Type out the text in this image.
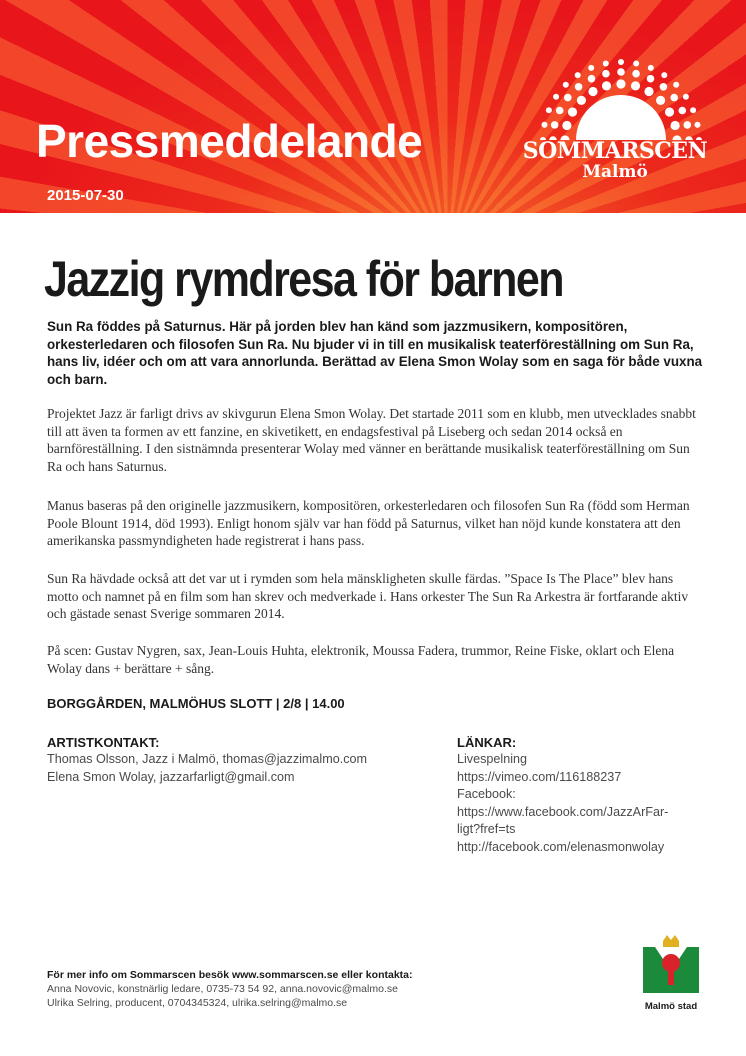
Pressmeddelande
2015-07-30
SOMMARSCEN
Malmö
Jazzig rymdresa för barnen

Sun Ra föddes på Saturnus. Här på jorden blev han känd som jazzmusikern, kompositören, orkesterledaren och filosofen Sun Ra. Nu bjuder vi in till en musikalisk teaterföreställning om Sun Ra, hans liv, idéer och om att vara annorlunda. Berättad av Elena Smon Wolay som en saga för både vuxna och barn.

Projektet Jazz är farligt drivs av skivgurun Elena Smon Wolay. Det startade 2011 som en klubb, men utvecklades snabbt till att även ta formen av ett fanzine, en skivetikett, en endagsfestival på Liseberg och sedan 2014 också en barnföreställning. I den sistnämnda presenterar Wolay med vänner en berättande musikalisk teaterföreställning om Sun Ra och hans Saturnus.

Manus baseras på den originelle jazzmusikern, kompositören, orkesterledaren och filosofen Sun Ra (född som Herman Poole Blount 1914, död 1993). Enligt honom själv var han född på Saturnus, vilket han nöjd kunde konstatera att den amerikanska passmyndigheten hade registrerat i hans pass.

Sun Ra hävdade också att det var ut i rymden som hela mänskligheten skulle färdas. ”Space Is The Place” blev hans motto och namnet på en film som han skrev och medverkade i. Hans orkester The Sun Ra Arkestra är fortfarande aktiv och gästade senast Sverige sommaren 2014.

På scen: Gustav Nygren, sax, Jean-Louis Huhta, elektronik, Moussa Fadera, trummor, Reine Fiske, oklart och Elena Wolay dans + berättare + sång.

BORGGÅRDEN, MALMÖHUS SLOTT | 2/8 | 14.00
ARTISTKONTAKT:
Thomas Olsson, Jazz i Malmö, thomas@jazzimalmo.com
Elena Smon Wolay, jazzarfarligt@gmail.com
LÄNKAR:
Livespelning
https://vimeo.com/116188237
Facebook:
https://www.facebook.com/JazzArFar-
ligt?fref=ts
http://facebook.com/elenasmonwolay
För mer info om Sommarscen besök www.sommarscen.se eller kontakta:
Anna Novovic, konstnärlig ledare, 0735-73 54 92, anna.novovic@malmo.se
Ulrika Selring, producent, 0704345324, ulrika.selring@malmo.se	Malmö stad
